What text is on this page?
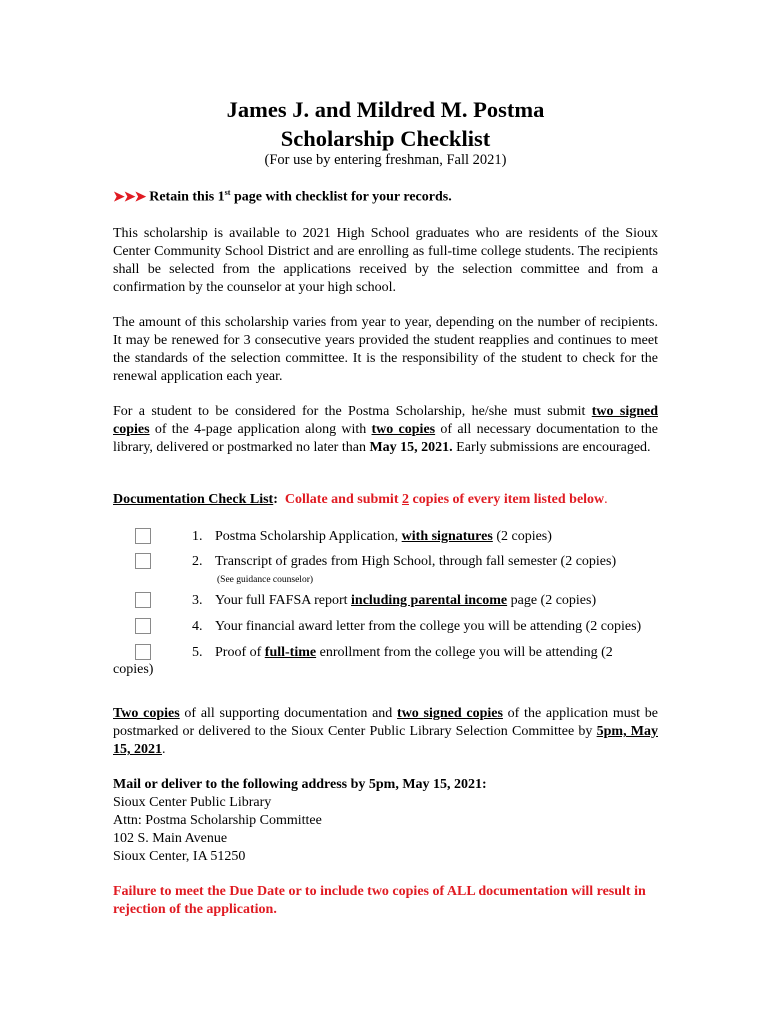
James J. and Mildred M. Postma
Scholarship Checklist
(For use by entering freshman, Fall 2021)
➤➤➤ Retain this 1st page with checklist for your records.

This scholarship is available to 2021 High School graduates who are residents of the Sioux Center Community School District and are enrolling as full-time college students. The recipients shall be selected from the applications received by the selection committee and from a confirmation by the counselor at your high school.

The amount of this scholarship varies from year to year, depending on the number of recipients. It may be renewed for 3 consecutive years provided the student reapplies and continues to meet the standards of the selection committee. It is the responsibility of the student to check for the renewal application each year.

For a student to be considered for the Postma Scholarship, he/she must submit two signed copies of the 4-page application along with two copies of all necessary documentation to the library, delivered or postmarked no later than May 15, 2021. Early submissions are encouraged.

Documentation Check List: Collate and submit 2 copies of every item listed below.
1. Postma Scholarship Application, with signatures (2 copies)
2. Transcript of grades from High School, through fall semester (2 copies)
(See guidance counselor)
3. Your full FAFSA report including parental income page (2 copies)
4. Your financial award letter from the college you will be attending (2 copies)
5. Proof of full-time enrollment from the college you will be attending (2
copies)

Two copies of all supporting documentation and two signed copies of the application must be postmarked or delivered to the Sioux Center Public Library Selection Committee by 5pm, May 15, 2021.

Mail or deliver to the following address by 5pm, May 15, 2021:
Sioux Center Public Library
Attn: Postma Scholarship Committee
102 S. Main Avenue
Sioux Center, IA 51250
Failure to meet the Due Date or to include two copies of ALL documentation will result in rejection of the application.
